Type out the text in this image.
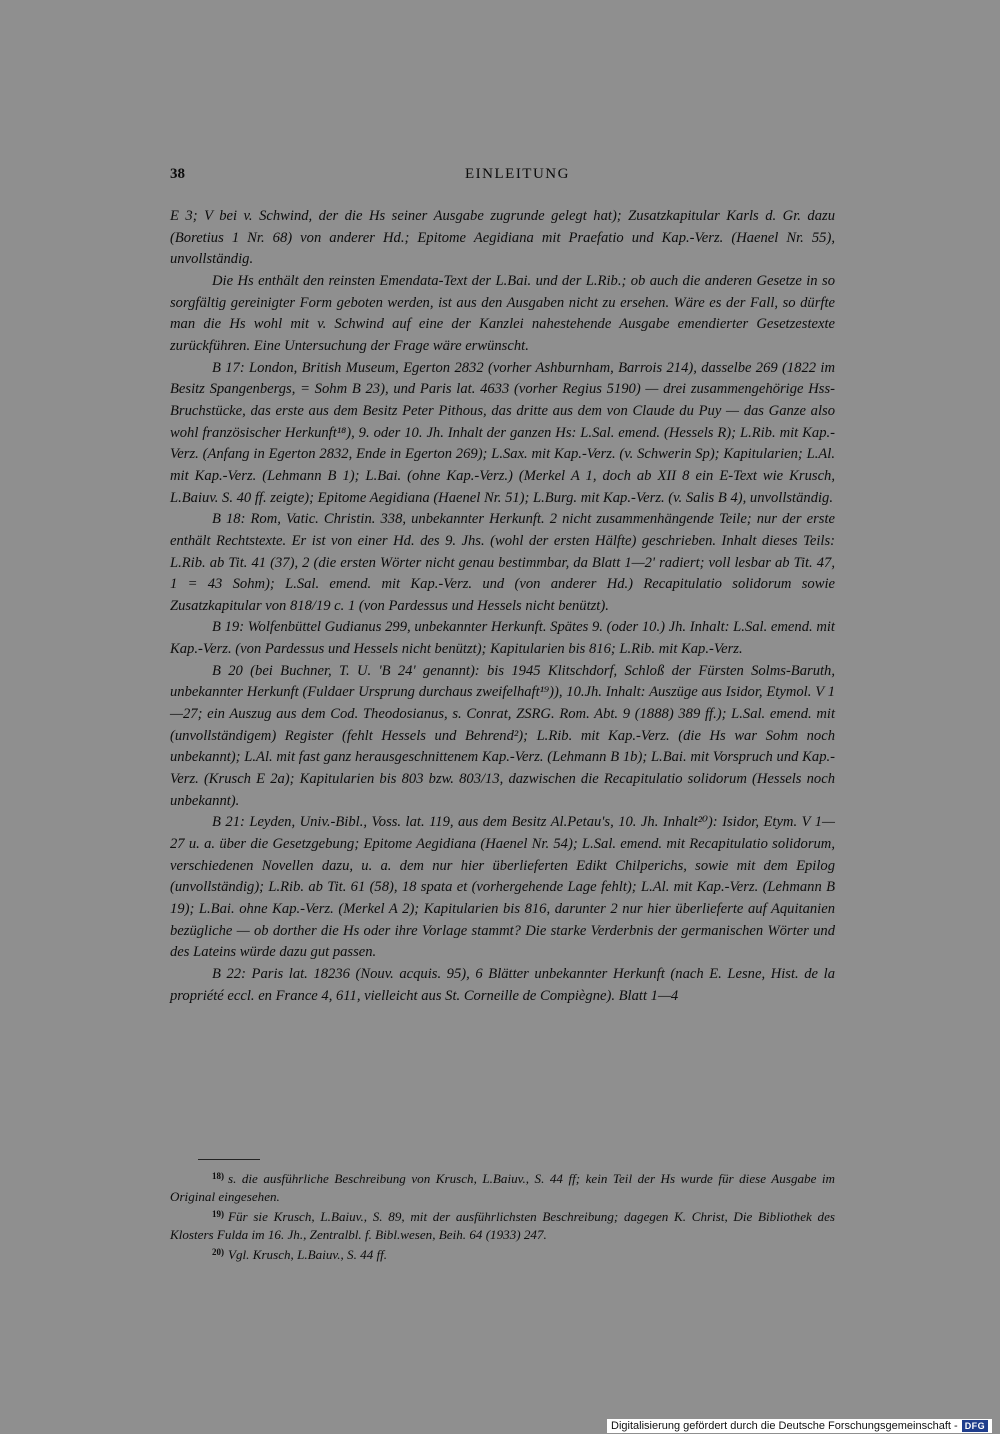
38	EINLEITUNG

E 3; V bei v. Schwind, der die Hs seiner Ausgabe zugrunde gelegt hat); Zusatzkapitular Karls d. Gr. dazu (Boretius 1 Nr. 68) von anderer Hd.; Epitome Aegidiana mit Praefatio und Kap.-Verz. (Haenel Nr. 55), unvollständig.

Die Hs enthält den reinsten Emendata-Text der L.Bai. und der L.Rib.; ob auch die anderen Gesetze in so sorgfältig gereinigter Form geboten werden, ist aus den Ausgaben nicht zu ersehen. Wäre es der Fall, so dürfte man die Hs wohl mit v. Schwind auf eine der Kanzlei nahestehende Ausgabe emendierter Gesetzestexte zurückführen. Eine Untersuchung der Frage wäre erwünscht.

B 17: London, British Museum, Egerton 2832 (vorher Ashburnham, Barrois 214), dasselbe 269 (1822 im Besitz Spangenbergs, = Sohm B 23), und Paris lat. 4633 (vorher Regius 5190) — drei zusammengehörige Hss-Bruchstücke, das erste aus dem Besitz Peter Pithous, das dritte aus dem von Claude du Puy — das Ganze also wohl französischer Herkunft¹⁸), 9. oder 10. Jh. Inhalt der ganzen Hs: L.Sal. emend. (Hessels R); L.Rib. mit Kap.-Verz. (Anfang in Egerton 2832, Ende in Egerton 269); L.Sax. mit Kap.-Verz. (v. Schwerin Sp); Kapitularien; L.Al. mit Kap.-Verz. (Lehmann B 1); L.Bai. (ohne Kap.-Verz.) (Merkel A 1, doch ab XII 8 ein E-Text wie Krusch, L.Baiuv. S. 40 ff. zeigte); Epitome Aegidiana (Haenel Nr. 51); L.Burg. mit Kap.-Verz. (v. Salis B 4), unvollständig.

B 18: Rom, Vatic. Christin. 338, unbekannter Herkunft. 2 nicht zusammenhängende Teile; nur der erste enthält Rechtstexte. Er ist von einer Hd. des 9. Jhs. (wohl der ersten Hälfte) geschrieben. Inhalt dieses Teils: L.Rib. ab Tit. 41 (37), 2 (die ersten Wörter nicht genau bestimmbar, da Blatt 1—2' radiert; voll lesbar ab Tit. 47, 1 = 43 Sohm); L.Sal. emend. mit Kap.-Verz. und (von anderer Hd.) Recapitulatio solidorum sowie Zusatzkapitular von 818/19 c. 1 (von Pardessus und Hessels nicht benützt).

B 19: Wolfenbüttel Gudianus 299, unbekannter Herkunft. Spätes 9. (oder 10.) Jh. Inhalt: L.Sal. emend. mit Kap.-Verz. (von Pardessus und Hessels nicht benützt); Kapitularien bis 816; L.Rib. mit Kap.-Verz.

B 20 (bei Buchner, T. U. 'B 24' genannt): bis 1945 Klitschdorf, Schloß der Fürsten Solms-Baruth, unbekannter Herkunft (Fuldaer Ursprung durchaus zweifelhaft¹⁹)), 10.Jh. Inhalt: Auszüge aus Isidor, Etymol. V 1—27; ein Auszug aus dem Cod. Theodosianus, s. Conrat, ZSRG. Rom. Abt. 9 (1888) 389 ff.); L.Sal. emend. mit (unvollständigem) Register (fehlt Hessels und Behrend²); L.Rib. mit Kap.-Verz. (die Hs war Sohm noch unbekannt); L.Al. mit fast ganz herausgeschnittenem Kap.-Verz. (Lehmann B 1b); L.Bai. mit Vorspruch und Kap.-Verz. (Krusch E 2a); Kapitularien bis 803 bzw. 803/13, dazwischen die Recapitulatio solidorum (Hessels noch unbekannt).

B 21: Leyden, Univ.-Bibl., Voss. lat. 119, aus dem Besitz Al.Petau's, 10. Jh. Inhalt²⁰): Isidor, Etym. V 1—27 u. a. über die Gesetzgebung; Epitome Aegidiana (Haenel Nr. 54); L.Sal. emend. mit Recapitulatio solidorum, verschiedenen Novellen dazu, u. a. dem nur hier überlieferten Edikt Chilperichs, sowie mit dem Epilog (unvollständig); L.Rib. ab Tit. 61 (58), 18 spata et (vorhergehende Lage fehlt); L.Al. mit Kap.-Verz. (Lehmann B 19); L.Bai. ohne Kap.-Verz. (Merkel A 2); Kapitularien bis 816, darunter 2 nur hier überlieferte auf Aquitanien bezügliche — ob dorther die Hs oder ihre Vorlage stammt? Die starke Verderbnis der germanischen Wörter und des Lateins würde dazu gut passen.

B 22: Paris lat. 18236 (Nouv. acquis. 95), 6 Blätter unbekannter Herkunft (nach E. Lesne, Hist. de la propriété eccl. en France 4, 611, vielleicht aus St. Corneille de Compiègne). Blatt 1—4

$^{18)}$ s. die ausführliche Beschreibung von Krusch, L.Baiuv., S. 44 ff; kein Teil der Hs wurde für diese Ausgabe im Original eingesehen.

$^{19)}$ Für sie Krusch, L.Baiuv., S. 89, mit der ausführlichsten Beschreibung; dagegen K. Christ, Die Bibliothek des Klosters Fulda im 16. Jh., Zentralbl. f. Bibl.wesen, Beih. 64 (1933) 247.

$^{20)}$ Vgl. Krusch, L.Baiuv., S. 44 ff.

Digitalisierung gefördert durch die Deutsche Forschungsgemeinschaft - DFG
